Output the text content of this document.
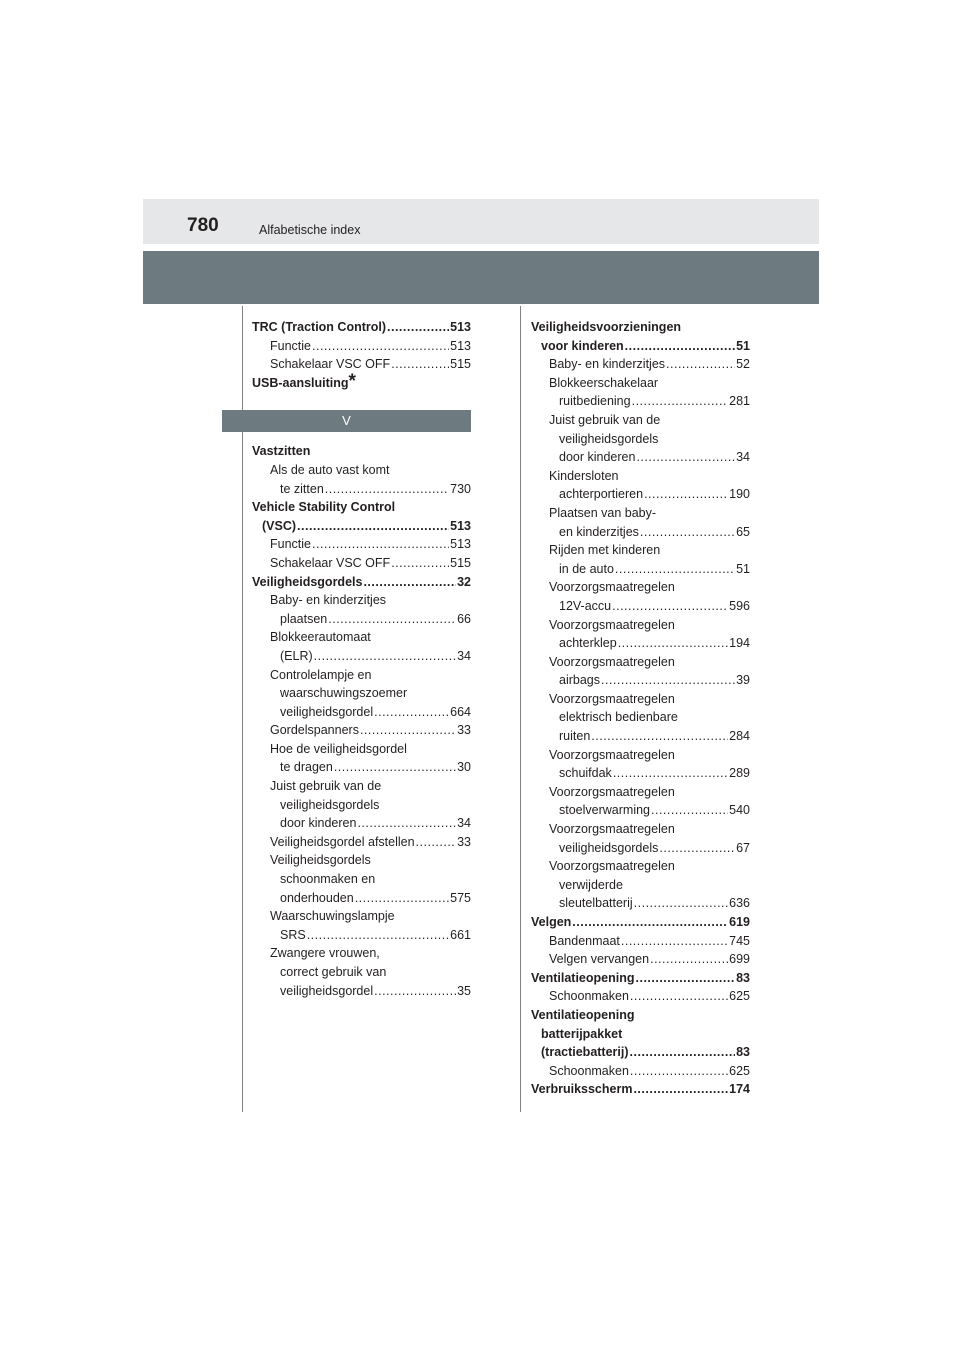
780	Alfabetische index
TRC (Traction Control) .....	513
Functie .....	513
Schakelaar VSC OFF .....	515
USB-aansluiting *
V
Vastzitten
Als de auto vast komt
te zitten .....	730
Vehicle Stability Control
(VSC) .....	513
Functie .....	513
Schakelaar VSC OFF .....	515
Veiligheidsgordels .....	32
Baby- en kinderzitjes
plaatsen .....	66
Blokkeerautomaat
(ELR) .....	34
Controlelampje en
waarschuwingszoemer
veiligheidsgordel .....	664
Gordelspanners .....	33
Hoe de veiligheidsgordel
te dragen .....	30
Juist gebruik van de
veiligheidsgordels
door kinderen .....	34
Veiligheidsgordel afstellen .....	33
Veiligheidsgordels
schoonmaken en
onderhouden .....	575
Waarschuwingslampje
SRS .....	661
Zwangere vrouwen,
correct gebruik van
veiligheidsgordel .....	35
Veiligheidsvoorzieningen
voor kinderen .....	51
Baby- en kinderzitjes .....	52
Blokkeerschakelaar
ruitbediening .....	281
Juist gebruik van de
veiligheidsgordels
door kinderen .....	34
Kindersloten
achterportieren .....	190
Plaatsen van baby-
en kinderzitjes .....	65
Rijden met kinderen
in de auto .....	51
Voorzorgsmaatregelen
12V-accu .....	596
Voorzorgsmaatregelen
achterklep .....	194
Voorzorgsmaatregelen
airbags .....	39
Voorzorgsmaatregelen
elektrisch bedienbare
ruiten .....	284
Voorzorgsmaatregelen
schuifdak .....	289
Voorzorgsmaatregelen
stoelverwarming .....	540
Voorzorgsmaatregelen
veiligheidsgordels .....	67
Voorzorgsmaatregelen
verwijderde
sleutelbatterij .....	636
Velgen .....	619
Bandenmaat .....	745
Velgen vervangen .....	699
Ventilatieopening .....	83
Schoonmaken .....	625
Ventilatieopening
batterijpakket
(tractiebatterij) .....	83
Schoonmaken .....	625
Verbruiksscherm .....	174
